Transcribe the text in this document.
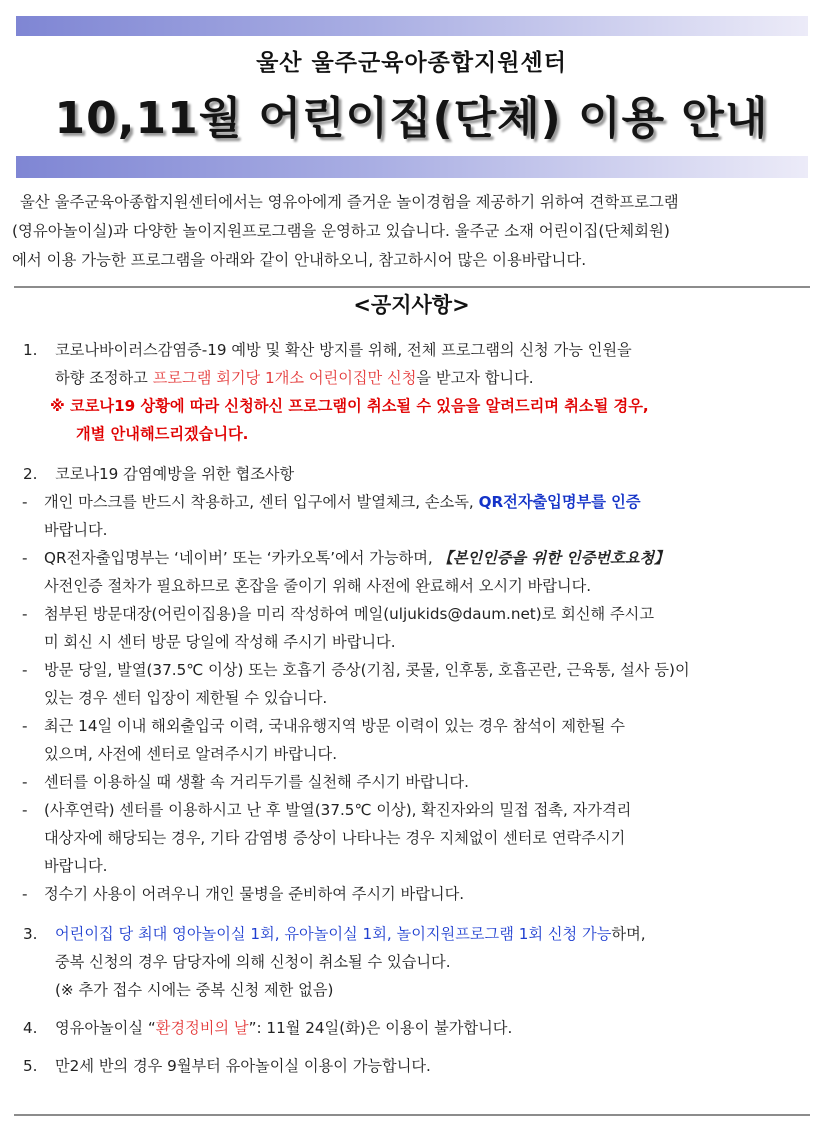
울산 울주군육아종합지원센터
10,11월 어린이집(단체) 이용 안내
울산 울주군육아종합지원센터에서는 영유아에게 즐거운 놀이경험을 제공하기 위하여 견학프로그램
(영유아놀이실)과 다양한 놀이지원프로그램을 운영하고 있습니다. 울주군 소재 어린이집(단체회원)
에서 이용 가능한 프로그램을 아래와 같이 안내하오니, 참고하시어 많은 이용바랍니다.
<공지사항>
1.	코로나바이러스감염증-19 예방 및 확산 방지를 위해, 전체 프로그램의 신청 가능 인원을
하향 조정하고 프로그램 회기당 1개소 어린이집만 신청을 받고자 합니다.
※ 코로나19 상황에 따라 신청하신 프로그램이 취소될 수 있음을 알려드리며 취소될 경우,
개별 안내해드리겠습니다.
2.	코로나19 감염예방을 위한 협조사항
-	개인 마스크를 반드시 착용하고, 센터 입구에서 발열체크, 손소독, QR전자출입명부를 인증
바랍니다.
-	QR전자출입명부는 ‘네이버’ 또는 ‘카카오톡’에서 가능하며, 【본인인증을 위한 인증번호요청】
사전인증 절차가 필요하므로 혼잡을 줄이기 위해 사전에 완료해서 오시기 바랍니다.
-	첨부된 방문대장(어린이집용)을 미리 작성하여 메일(uljukids@daum.net)로 회신해 주시고
미 회신 시 센터 방문 당일에 작성해 주시기 바랍니다.
-	방문 당일, 발열(37.5℃ 이상) 또는 호흡기 증상(기침, 콧물, 인후통, 호흡곤란, 근육통, 설사 등)이
있는 경우 센터 입장이 제한될 수 있습니다.
-	최근 14일 이내 해외출입국 이력, 국내유행지역 방문 이력이 있는 경우 참석이 제한될 수
있으며, 사전에 센터로 알려주시기 바랍니다.
-	센터를 이용하실 때 생활 속 거리두기를 실천해 주시기 바랍니다.
-	(사후연락) 센터를 이용하시고 난 후 발열(37.5℃ 이상), 확진자와의 밀접 접촉, 자가격리
대상자에 해당되는 경우, 기타 감염병 증상이 나타나는 경우 지체없이 센터로 연락주시기
바랍니다.
-	정수기 사용이 어려우니 개인 물병을 준비하여 주시기 바랍니다.
3.	어린이집 당 최대 영아놀이실 1회, 유아놀이실 1회, 놀이지원프로그램 1회 신청 가능하며,
중복 신청의 경우 담당자에 의해 신청이 취소될 수 있습니다.
(※ 추가 접수 시에는 중복 신청 제한 없음)
4.	영유아놀이실 “환경정비의 날”: 11월 24일(화)은 이용이 불가합니다.
5.	만2세 반의 경우 9월부터 유아놀이실 이용이 가능합니다.
